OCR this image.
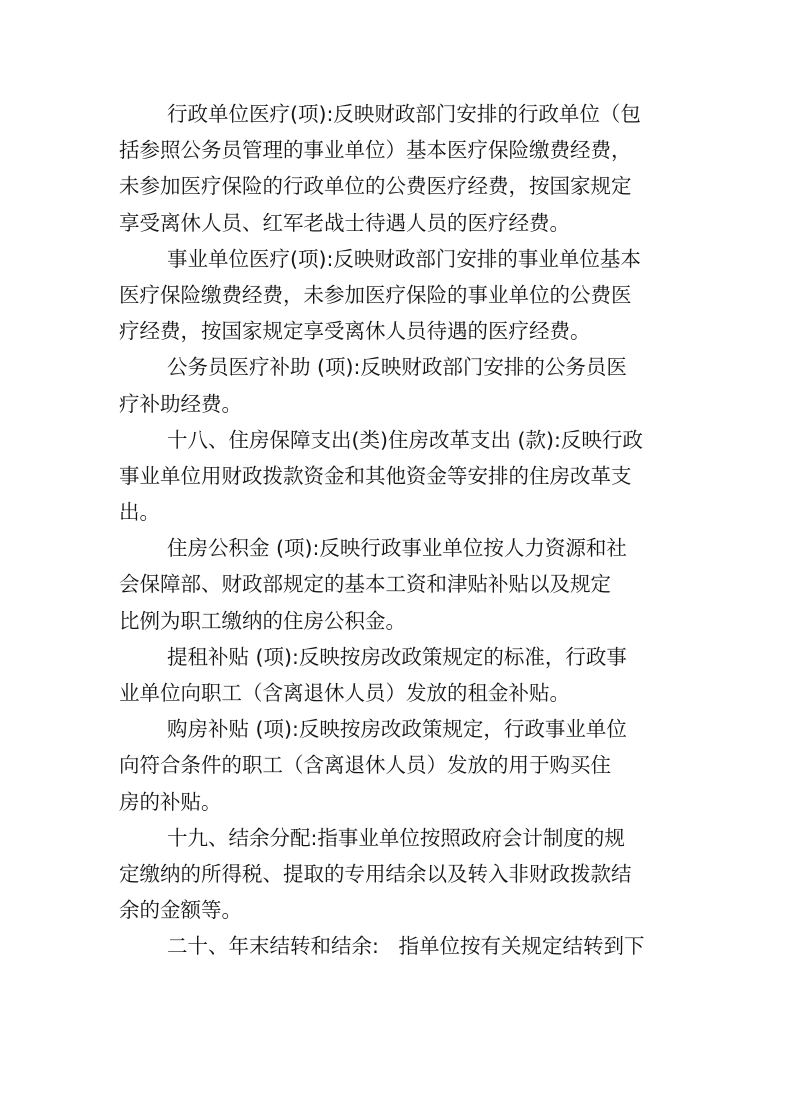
行政单位医疗(项):反映财政部门安排的行政单位（包
括参照公务员管理的事业单位）基本医疗保险缴费经费，
未参加医疗保险的行政单位的公费医疗经费，按国家规定
享受离休人员、红军老战士待遇人员的医疗经费。
事业单位医疗(项):反映财政部门安排的事业单位基本
医疗保险缴费经费，未参加医疗保险的事业单位的公费医
疗经费，按国家规定享受离休人员待遇的医疗经费。
公务员医疗补助 (项):反映财政部门安排的公务员医
疗补助经费。
十八、住房保障支出(类)住房改革支出 (款):反映行政
事业单位用财政拨款资金和其他资金等安排的住房改革支
出。
住房公积金 (项):反映行政事业单位按人力资源和社
会保障部、财政部规定的基本工资和津贴补贴以及规定
比例为职工缴纳的住房公积金。
提租补贴 (项):反映按房改政策规定的标准，行政事
业单位向职工（含离退休人员）发放的租金补贴。
购房补贴 (项):反映按房改政策规定，行政事业单位
向符合条件的职工（含离退休人员）发放的用于购买住
房的补贴。
十九、结余分配:指事业单位按照政府会计制度的规
定缴纳的所得税、提取的专用结余以及转入非财政拨款结
余的金额等。
二十、年末结转和结余:   指单位按有关规定结转到下
